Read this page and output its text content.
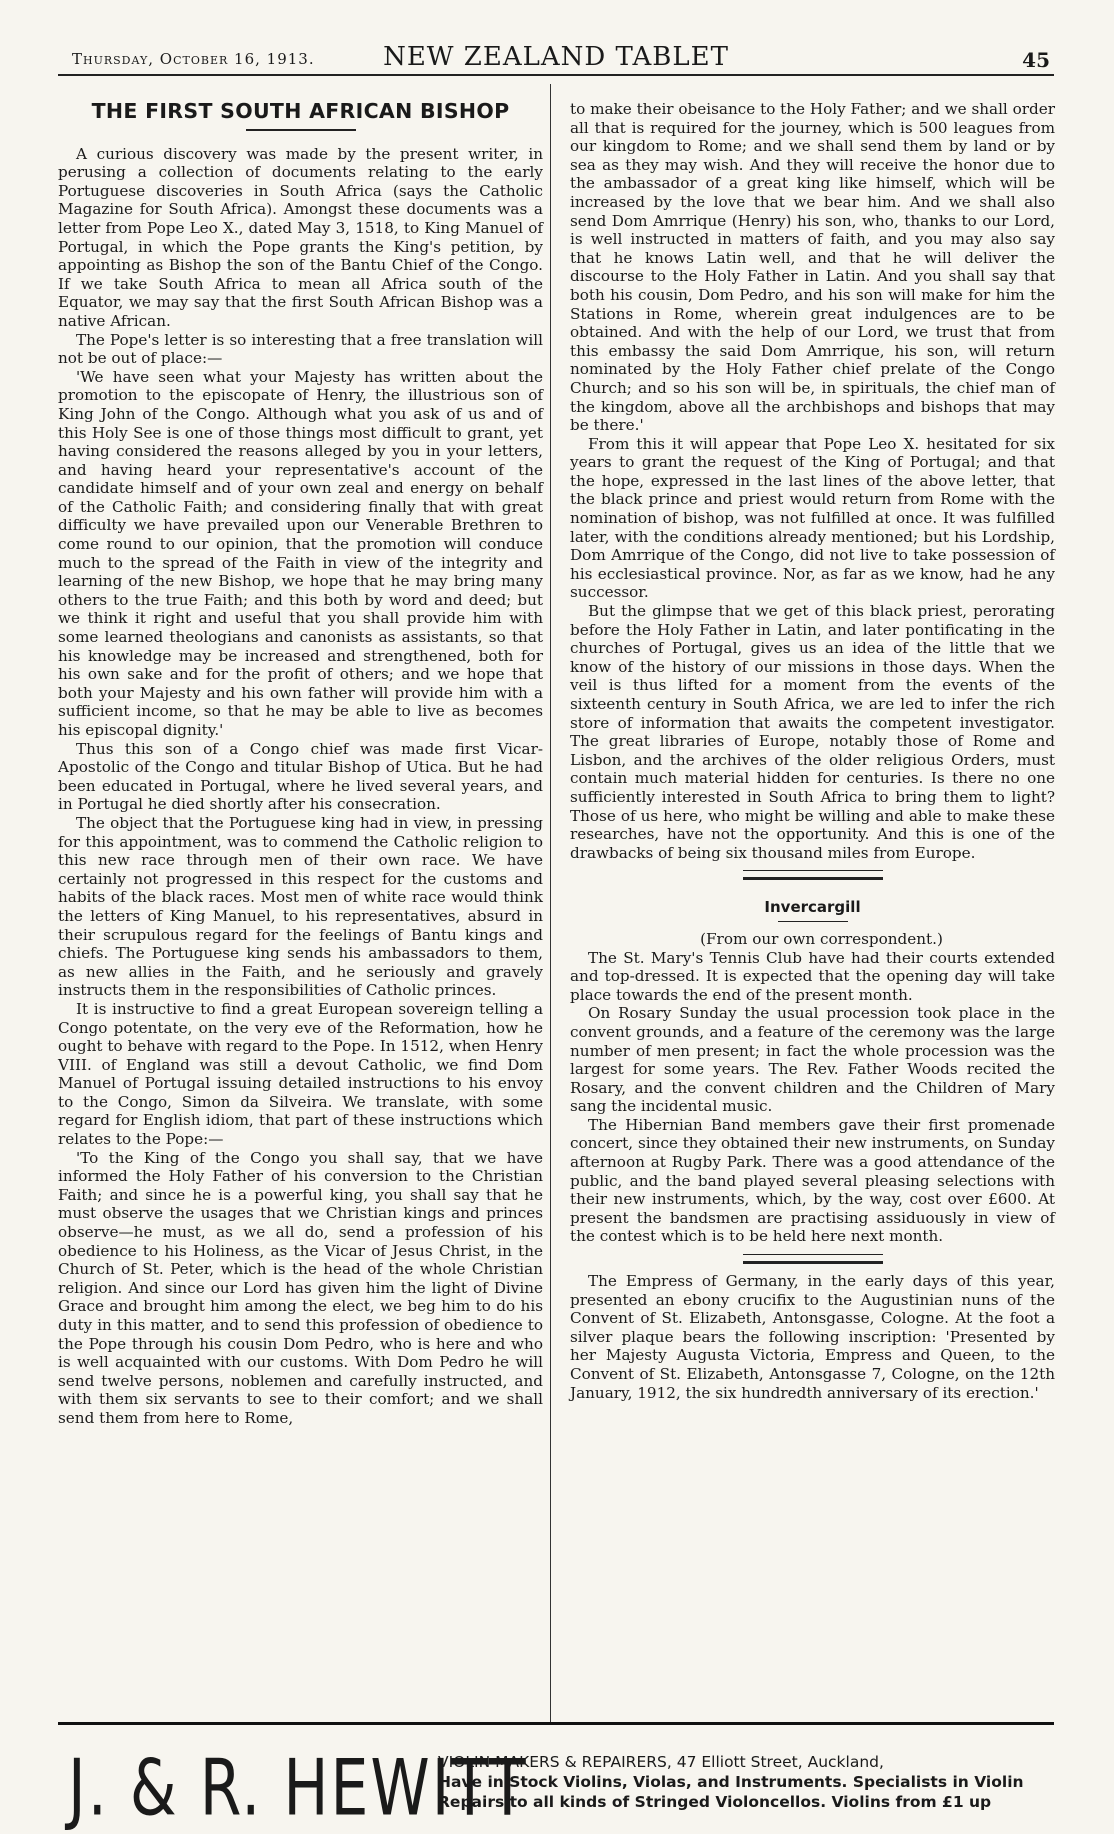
Thursday, October 16, 1913.	NEW ZEALAND TABLET	45
THE FIRST SOUTH AFRICAN BISHOP

A curious discovery was made by the present writer, in perusing a collection of documents relating to the early Portuguese discoveries in South Africa (says the Catholic Magazine for South Africa). Amongst these documents was a letter from Pope Leo X., dated May 3, 1518, to King Manuel of Portugal, in which the Pope grants the King's petition, by appointing as Bishop the son of the Bantu Chief of the Congo. If we take South Africa to mean all Africa south of the Equator, we may say that the first South African Bishop was a native African.

The Pope's letter is so interesting that a free translation will not be out of place:—

'We have seen what your Majesty has written about the promotion to the episcopate of Henry, the illustrious son of King John of the Congo. Although what you ask of us and of this Holy See is one of those things most difficult to grant, yet having considered the reasons alleged by you in your letters, and having heard your representative's account of the candidate himself and of your own zeal and energy on behalf of the Catholic Faith; and considering finally that with great difficulty we have prevailed upon our Venerable Brethren to come round to our opinion, that the promotion will conduce much to the spread of the Faith in view of the integrity and learning of the new Bishop, we hope that he may bring many others to the true Faith; and this both by word and deed; but we think it right and useful that you shall provide him with some learned theologians and canonists as assistants, so that his knowledge may be increased and strengthened, both for his own sake and for the profit of others; and we hope that both your Majesty and his own father will provide him with a sufficient income, so that he may be able to live as becomes his episcopal dignity.'

Thus this son of a Congo chief was made first Vicar-Apostolic of the Congo and titular Bishop of Utica. But he had been educated in Portugal, where he lived several years, and in Portugal he died shortly after his consecration.

The object that the Portuguese king had in view, in pressing for this appointment, was to commend the Catholic religion to this new race through men of their own race. We have certainly not progressed in this respect for the customs and habits of the black races. Most men of white race would think the letters of King Manuel, to his representatives, absurd in their scrupulous regard for the feelings of Bantu kings and chiefs. The Portuguese king sends his ambassadors to them, as new allies in the Faith, and he seriously and gravely instructs them in the responsibilities of Catholic princes.

It is instructive to find a great European sovereign telling a Congo potentate, on the very eve of the Reformation, how he ought to behave with regard to the Pope. In 1512, when Henry VIII. of England was still a devout Catholic, we find Dom Manuel of Portugal issuing detailed instructions to his envoy to the Congo, Simon da Silveira. We translate, with some regard for English idiom, that part of these instructions which relates to the Pope:—

'To the King of the Congo you shall say, that we have informed the Holy Father of his conversion to the Christian Faith; and since he is a powerful king, you shall say that he must observe the usages that we Christian kings and princes observe—he must, as we all do, send a profession of his obedience to his Holiness, as the Vicar of Jesus Christ, in the Church of St. Peter, which is the head of the whole Christian religion. And since our Lord has given him the light of Divine Grace and brought him among the elect, we beg him to do his duty in this matter, and to send this profession of obedience to the Pope through his cousin Dom Pedro, who is here and who is well acquainted with our customs. With Dom Pedro he will send twelve persons, noblemen and carefully instructed, and with them six servants to see to their comfort; and we shall send them from here to Rome,

to make their obeisance to the Holy Father; and we shall order all that is required for the journey, which is 500 leagues from our kingdom to Rome; and we shall send them by land or by sea as they may wish. And they will receive the honor due to the ambassador of a great king like himself, which will be increased by the love that we bear him. And we shall also send Dom Amrrique (Henry) his son, who, thanks to our Lord, is well instructed in matters of faith, and you may also say that he knows Latin well, and that he will deliver the discourse to the Holy Father in Latin. And you shall say that both his cousin, Dom Pedro, and his son will make for him the Stations in Rome, wherein great indulgences are to be obtained. And with the help of our Lord, we trust that from this embassy the said Dom Amrrique, his son, will return nominated by the Holy Father chief prelate of the Congo Church; and so his son will be, in spirituals, the chief man of the kingdom, above all the archbishops and bishops that may be there.'

From this it will appear that Pope Leo X. hesitated for six years to grant the request of the King of Portugal; and that the hope, expressed in the last lines of the above letter, that the black prince and priest would return from Rome with the nomination of bishop, was not fulfilled at once. It was fulfilled later, with the conditions already mentioned; but his Lordship, Dom Amrrique of the Congo, did not live to take possession of his ecclesiastical province. Nor, as far as we know, had he any successor.

But the glimpse that we get of this black priest, perorating before the Holy Father in Latin, and later pontificating in the churches of Portugal, gives us an idea of the little that we know of the history of our missions in those days. When the veil is thus lifted for a moment from the events of the sixteenth century in South Africa, we are led to infer the rich store of information that awaits the competent investigator. The great libraries of Europe, notably those of Rome and Lisbon, and the archives of the older religious Orders, must contain much material hidden for centuries. Is there no one sufficiently interested in South Africa to bring them to light? Those of us here, who might be willing and able to make these researches, have not the opportunity. And this is one of the drawbacks of being six thousand miles from Europe.

Invercargill

(From our own correspondent.)

The St. Mary's Tennis Club have had their courts extended and top-dressed. It is expected that the opening day will take place towards the end of the present month.

On Rosary Sunday the usual procession took place in the convent grounds, and a feature of the ceremony was the large number of men present; in fact the whole procession was the largest for some years. The Rev. Father Woods recited the Rosary, and the convent children and the Children of Mary sang the incidental music.

The Hibernian Band members gave their first promenade concert, since they obtained their new instruments, on Sunday afternoon at Rugby Park. There was a good attendance of the public, and the band played several pleasing selections with their new instruments, which, by the way, cost over £600. At present the bandsmen are practising assiduously in view of the contest which is to be held here next month.

The Empress of Germany, in the early days of this year, presented an ebony crucifix to the Augustinian nuns of the Convent of St. Elizabeth, Antonsgasse, Cologne. At the foot a silver plaque bears the following inscription: 'Presented by her Majesty Augusta Victoria, Empress and Queen, to the Convent of St. Elizabeth, Antonsgasse 7, Cologne, on the 12th January, 1912, the six hundredth anniversary of its erection.'

J. & R. HEWITT
VIOLIN MAKERS & REPAIRERS, 47 Elliott Street, Auckland,
Have in Stock Violins, Violas, and Instruments. Specialists in Violin
Repairs to all kinds of Stringed Violoncellos. Violins from £1 up
